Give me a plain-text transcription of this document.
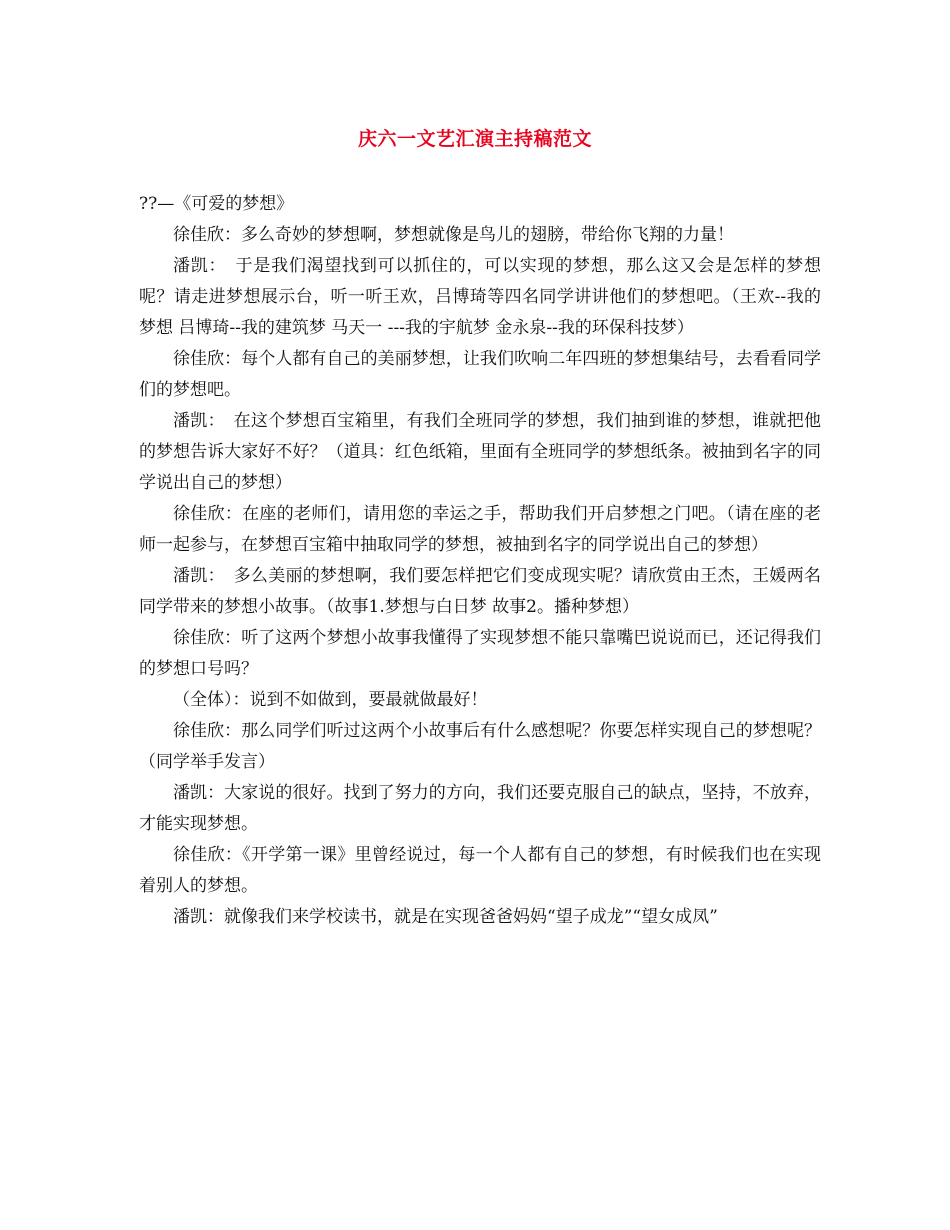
庆六一文艺汇演主持稿范文

??—《可爱的梦想》

徐佳欣：多么奇妙的梦想啊，梦想就像是鸟儿的翅膀，带给你飞翔的力量！

潘凯：　于是我们渴望找到可以抓住的，可以实现的梦想，那么这又会是怎样的梦想呢？请走进梦想展示台，听一听王欢，吕博琦等四名同学讲讲他们的梦想吧。（王欢--我的梦想 吕博琦--我的建筑梦 马天一 ---我的宇航梦 金永泉--我的环保科技梦）

徐佳欣：每个人都有自己的美丽梦想，让我们吹响二年四班的梦想集结号，去看看同学们的梦想吧。

潘凯：　在这个梦想百宝箱里，有我们全班同学的梦想，我们抽到谁的梦想，谁就把他的梦想告诉大家好不好？（道具：红色纸箱，里面有全班同学的梦想纸条。被抽到名字的同学说出自己的梦想）

徐佳欣：在座的老师们，请用您的幸运之手，帮助我们开启梦想之门吧。（请在座的老师一起参与，在梦想百宝箱中抽取同学的梦想，被抽到名字的同学说出自己的梦想）

潘凯：　多么美丽的梦想啊，我们要怎样把它们变成现实呢？请欣赏由王杰，王媛两名同学带来的梦想小故事。（故事1.梦想与白日梦 故事2。播种梦想）

徐佳欣：听了这两个梦想小故事我懂得了实现梦想不能只靠嘴巴说说而已，还记得我们的梦想口号吗？

（全体）：说到不如做到，要最就做最好！

徐佳欣：那么同学们听过这两个小故事后有什么感想呢？你要怎样实现自己的梦想呢？（同学举手发言）

潘凯：大家说的很好。找到了努力的方向，我们还要克服自己的缺点，坚持，不放弃，才能实现梦想。

徐佳欣：《开学第一课》里曾经说过，每一个人都有自己的梦想，有时候我们也在实现着别人的梦想。

潘凯：就像我们来学校读书，就是在实现爸爸妈妈“望子成龙”“望女成凤”
